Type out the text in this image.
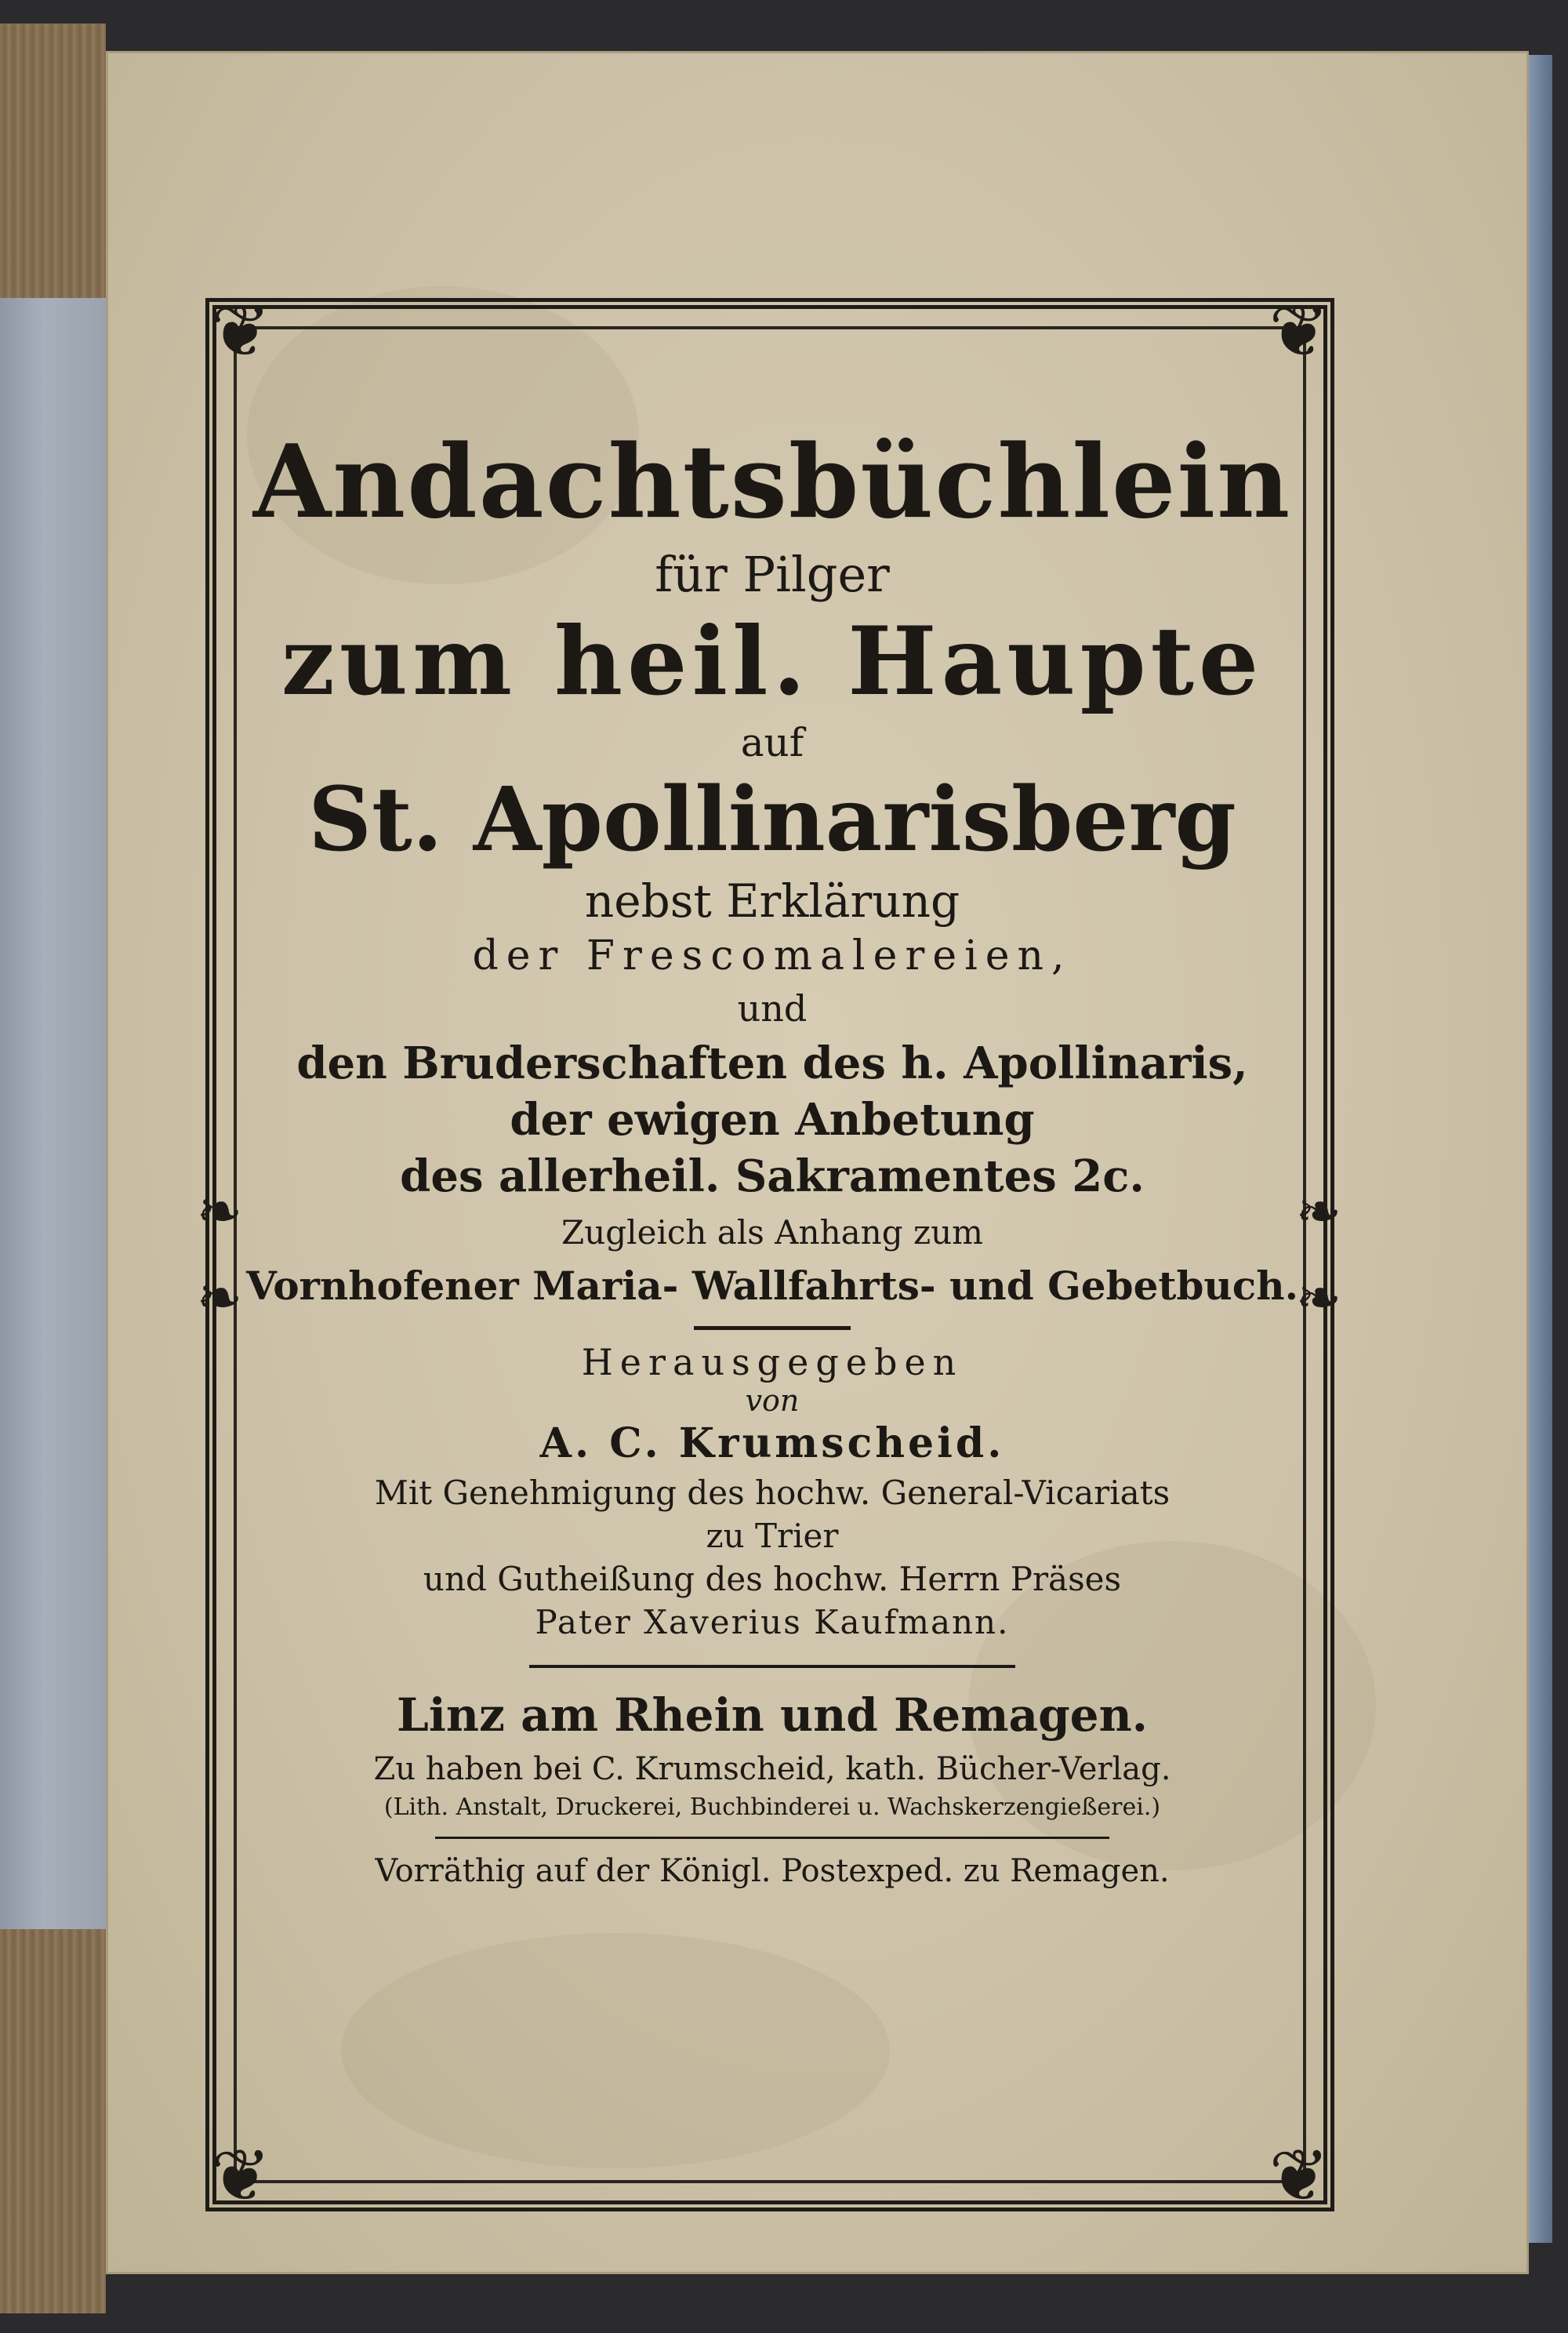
❦	❦
❦	❦
❧
❧
❧
❧
Andachtsbüchlein
für Pilger
zum heil. Haupte
auf
St. Apollinarisberg
nebst Erklärung
der Frescomalereien,
und
den Bruderschaften des h. Apollinaris,
der ewigen Anbetung
des allerheil. Sakramentes 2c.
Zugleich als Anhang zum
Vornhofener Maria- Wallfahrts- und Gebetbuch.
Herausgegeben
von
A. C. Krumscheid.
Mit Genehmigung des hochw. General-Vicariats
zu Trier
und Gutheißung des hochw. Herrn Präses
Pater Xaverius Kaufmann.
Linz am Rhein und Remagen.
Zu haben bei C. Krumscheid, kath. Bücher-Verlag.
(Lith. Anstalt, Druckerei, Buchbinderei u. Wachskerzengießerei.)
Vorräthig auf der Königl. Postexped. zu Remagen.
